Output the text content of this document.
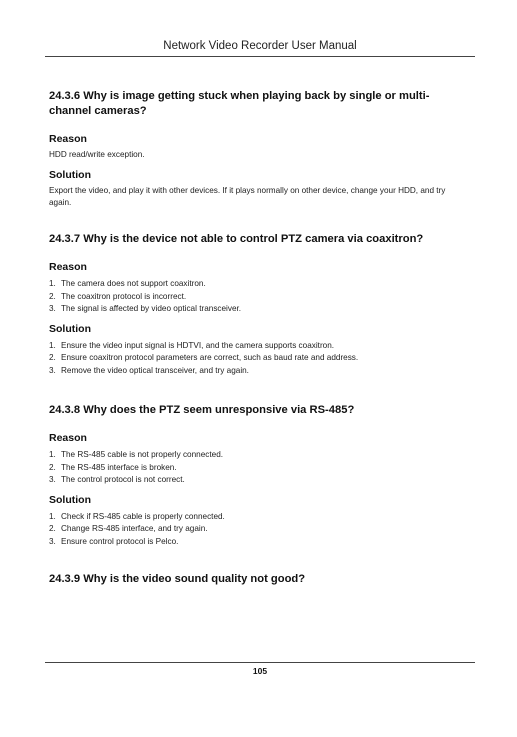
Network Video Recorder User Manual
24.3.6 Why is image getting stuck when playing back by single or multi-channel cameras?
Reason

HDD read/write exception.

Solution

Export the video, and play it with other devices. If it plays normally on other device, change your HDD, and try again.

24.3.7 Why is the device not able to control PTZ camera via coaxitron?
Reason
1. The camera does not support coaxitron.
2. The coaxitron protocol is incorrect.
3. The signal is affected by video optical transceiver.
Solution
1. Ensure the video input signal is HDTVI, and the camera supports coaxitron.
2. Ensure coaxitron protocol parameters are correct, such as baud rate and address.
3. Remove the video optical transceiver, and try again.
24.3.8 Why does the PTZ seem unresponsive via RS-485?
Reason
1. The RS-485 cable is not properly connected.
2. The RS-485 interface is broken.
3. The control protocol is not correct.
Solution
1. Check if RS-485 cable is properly connected.
2. Change RS-485 interface, and try again.
3. Ensure control protocol is Pelco.
24.3.9 Why is the video sound quality not good?
105
